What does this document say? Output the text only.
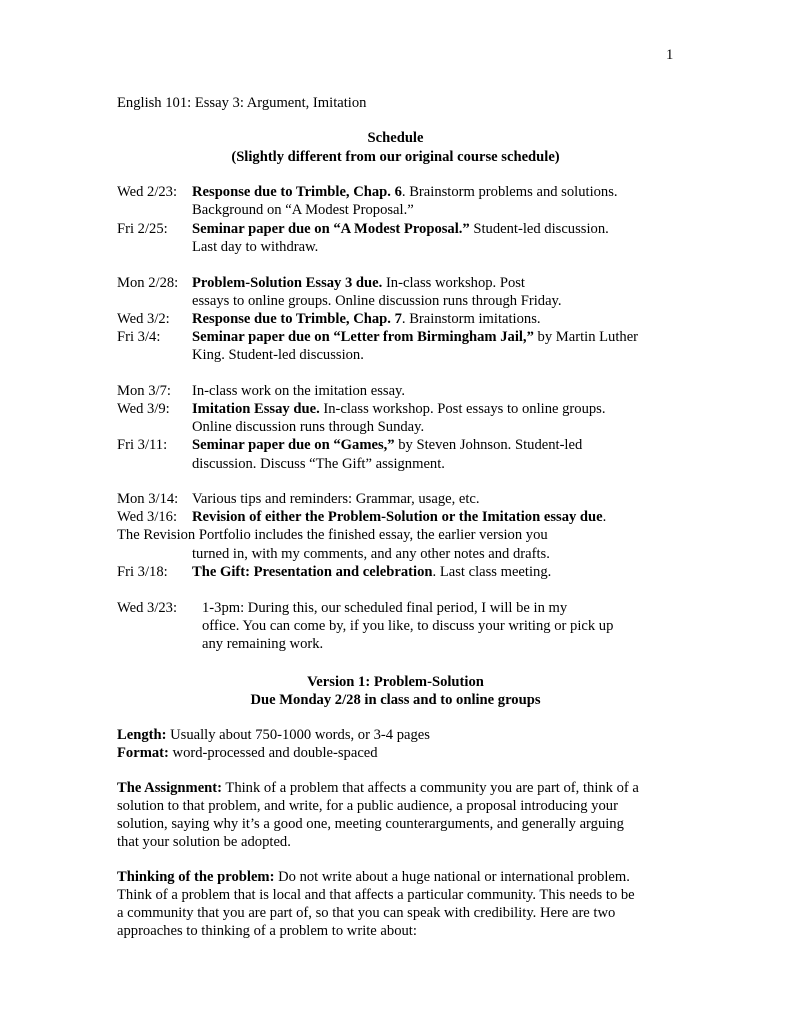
1
English 101: Essay 3: Argument, Imitation
Schedule
(Slightly different from our original course schedule)
Wed 2/23: Response due to Trimble, Chap. 6. Brainstorm problems and solutions.
Background on “A Modest Proposal.”
Fri 2/25: Seminar paper due on “A Modest Proposal.” Student-led discussion.
Last day to withdraw.
Mon 2/28: Problem-Solution Essay 3 due. In-class workshop. Post
essays to online groups. Online discussion runs through Friday.
Wed 3/2: Response due to Trimble, Chap. 7. Brainstorm imitations.
Fri 3/4: Seminar paper due on “Letter from Birmingham Jail,” by Martin Luther
King. Student-led discussion.
Mon 3/7: In-class work on the imitation essay.
Wed 3/9: Imitation Essay due. In-class workshop. Post essays to online groups.
Online discussion runs through Sunday.
Fri 3/11: Seminar paper due on “Games,” by Steven Johnson. Student-led
discussion. Discuss “The Gift” assignment.
Mon 3/14: Various tips and reminders: Grammar, usage, etc.
Wed 3/16: Revision of either the Problem-Solution or the Imitation essay due.
The Revision Portfolio includes the finished essay, the earlier version you
turned in, with my comments, and any other notes and drafts.
Fri 3/18: The Gift: Presentation and celebration. Last class meeting.
Wed 3/23: 1-3pm: During this, our scheduled final period, I will be in my
office. You can come by, if you like, to discuss your writing or pick up
any remaining work.
Version 1: Problem-Solution
Due Monday 2/28 in class and to online groups
Length: Usually about 750-1000 words, or 3-4 pages
Format: word-processed and double-spaced
The Assignment: Think of a problem that affects a community you are part of, think of a
solution to that problem, and write, for a public audience, a proposal introducing your
solution, saying why it’s a good one, meeting counterarguments, and generally arguing
that your solution be adopted.
Thinking of the problem: Do not write about a huge national or international problem.
Think of a problem that is local and that affects a particular community. This needs to be
a community that you are part of, so that you can speak with credibility. Here are two
approaches to thinking of a problem to write about:
